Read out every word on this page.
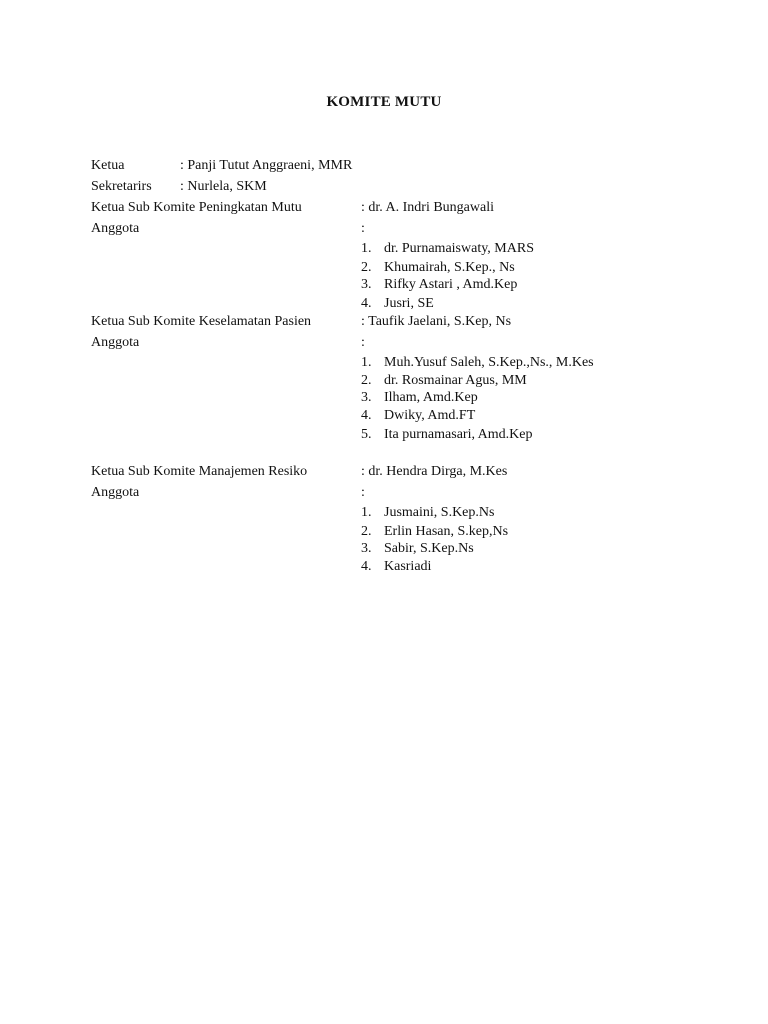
KOMITE MUTU
Ketua	: Panji Tutut Anggraeni, MMR
Sekretarirs : Nurlela, SKM
Ketua Sub Komite Peningkatan Mutu	: dr. A. Indri Bungawali
Anggota	:
1. dr. Purnamaiswaty, MARS
2. Khumairah, S.Kep., Ns
3. Rifky Astari , Amd.Kep
4. Jusri, SE
Ketua Sub Komite Keselamatan Pasien	: Taufik Jaelani, S.Kep, Ns
Anggota	:
1. Muh.Yusuf Saleh, S.Kep.,Ns., M.Kes
2. dr. Rosmainar Agus, MM
3. Ilham, Amd.Kep
4. Dwiky, Amd.FT
5. Ita purnamasari, Amd.Kep
Ketua Sub Komite Manajemen Resiko	: dr. Hendra Dirga, M.Kes
Anggota	:
1. Jusmaini, S.Kep.Ns
2. Erlin Hasan, S.kep,Ns
3. Sabir, S.Kep.Ns
4. Kasriadi
